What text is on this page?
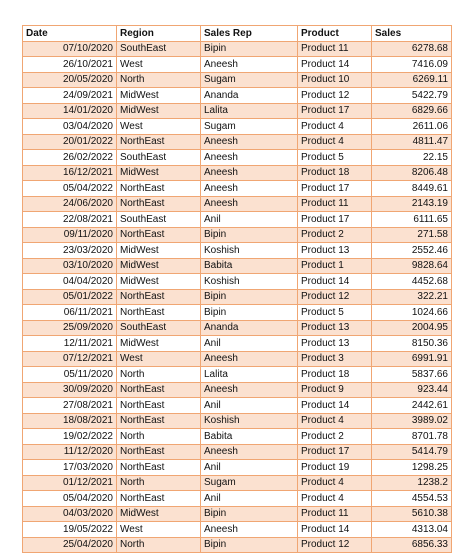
Date	Region	Sales Rep	Product	Sales
07/10/2020	SouthEast	Bipin	Product 11	6278.68
26/10/2021	West	Aneesh	Product 14	7416.09
20/05/2020	North	Sugam	Product 10	6269.11
24/09/2021	MidWest	Ananda	Product 12	5422.79
14/01/2020	MidWest	Lalita	Product 17	6829.66
03/04/2020	West	Sugam	Product 4	2611.06
20/01/2022	NorthEast	Aneesh	Product 4	4811.47
26/02/2022	SouthEast	Aneesh	Product 5	22.15
16/12/2021	MidWest	Aneesh	Product 18	8206.48
05/04/2022	NorthEast	Aneesh	Product 17	8449.61
24/06/2020	NorthEast	Aneesh	Product 11	2143.19
22/08/2021	SouthEast	Anil	Product 17	6111.65
09/11/2020	NorthEast	Bipin	Product 2	271.58
23/03/2020	MidWest	Koshish	Product 13	2552.46
03/10/2020	MidWest	Babita	Product 1	9828.64
04/04/2020	MidWest	Koshish	Product 14	4452.68
05/01/2022	NorthEast	Bipin	Product 12	322.21
06/11/2021	NorthEast	Bipin	Product 5	1024.66
25/09/2020	SouthEast	Ananda	Product 13	2004.95
12/11/2021	MidWest	Anil	Product 13	8150.36
07/12/2021	West	Aneesh	Product 3	6991.91
05/11/2020	North	Lalita	Product 18	5837.66
30/09/2020	NorthEast	Aneesh	Product 9	923.44
27/08/2021	NorthEast	Anil	Product 14	2442.61
18/08/2021	NorthEast	Koshish	Product 4	3989.02
19/02/2022	North	Babita	Product 2	8701.78
11/12/2020	NorthEast	Aneesh	Product 17	5414.79
17/03/2020	NorthEast	Anil	Product 19	1298.25
01/12/2021	North	Sugam	Product 4	1238.2
05/04/2020	NorthEast	Anil	Product 4	4554.53
04/03/2020	MidWest	Bipin	Product 11	5610.38
19/05/2022	West	Aneesh	Product 14	4313.04
25/04/2020	North	Bipin	Product 12	6856.33
